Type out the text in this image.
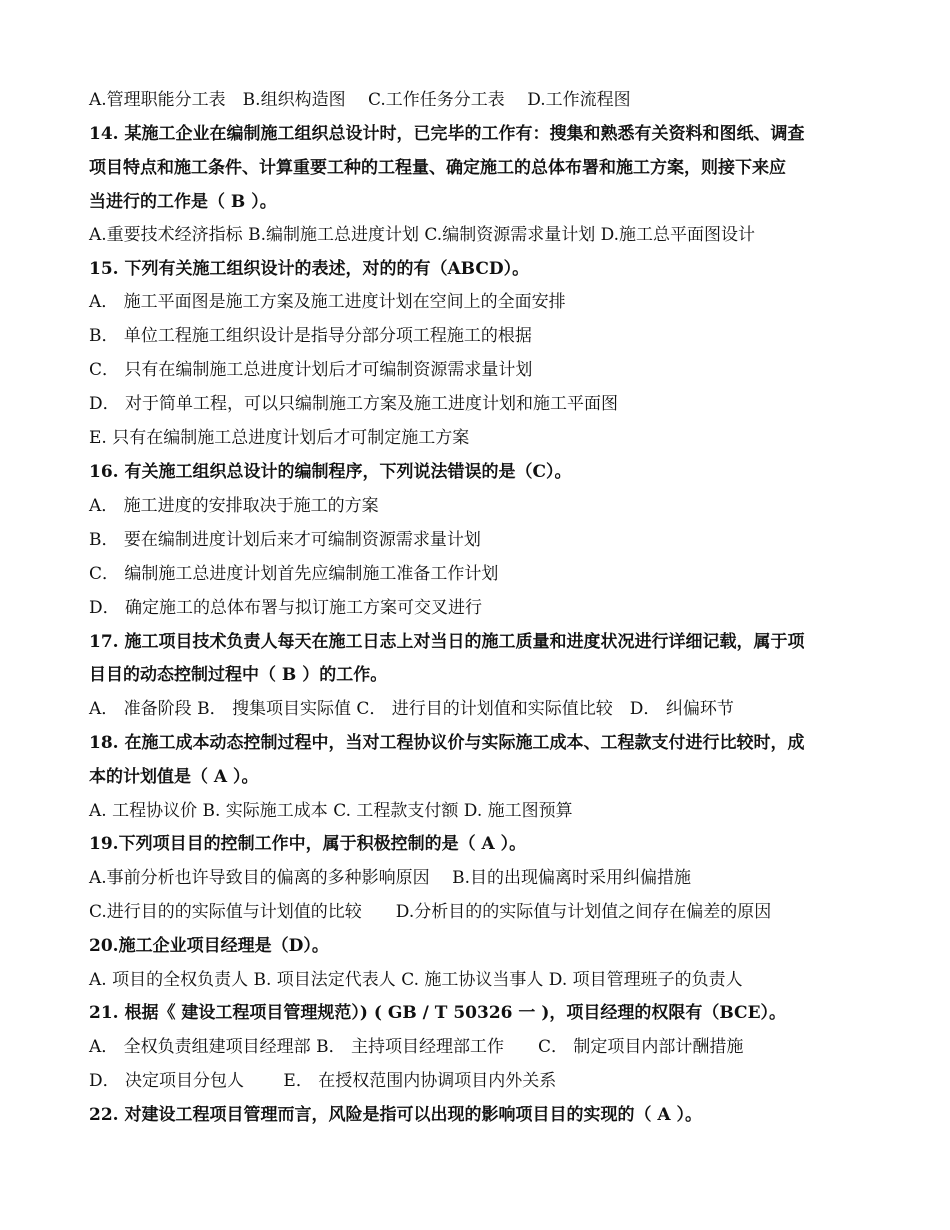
A.管理职能分工表　B.组织构造图　 C.工作任务分工表　 D.工作流程图
14. 某施工企业在编制施工组织总设计时，已完毕的工作有：搜集和熟悉有关资料和图纸、调查
项目特点和施工条件、计算重要工种的工程量、确定施工的总体布署和施工方案，则接下来应
当进行的工作是（ B ）。
A.重要技术经济指标 B.编制施工总进度计划 C.编制资源需求量计划 D.施工总平面图设计
15. 下列有关施工组织设计的表述，对的的有（ABCD）。
A． 施工平面图是施工方案及施工进度计划在空间上的全面安排
B． 单位工程施工组织设计是指导分部分项工程施工的根据
C． 只有在编制施工总进度计划后才可编制资源需求量计划
D． 对于简单工程，可以只编制施工方案及施工进度计划和施工平面图
E. 只有在编制施工总进度计划后才可制定施工方案
16. 有关施工组织总设计的编制程序，下列说法错误的是（C）。
A． 施工进度的安排取决于施工的方案
B． 要在编制进度计划后来才可编制资源需求量计划
C． 编制施工总进度计划首先应编制施工准备工作计划
D． 确定施工的总体布署与拟订施工方案可交叉进行
17. 施工项目技术负责人每天在施工日志上对当日的施工质量和进度状况进行详细记载，属于项
目目的动态控制过程中（ B ）的工作。
A． 准备阶段 B． 搜集项目实际值 C． 进行目的计划值和实际值比较　D． 纠偏环节
18. 在施工成本动态控制过程中，当对工程协议价与实际施工成本、工程款支付进行比较时，成
本的计划值是（ A ）。
A. 工程协议价 B. 实际施工成本 C. 工程款支付额 D. 施工图预算
19.下列项目目的控制工作中，属于积极控制的是（ A ）。
A.事前分析也许导致目的偏离的多种影响原因　 B.目的出现偏离时采用纠偏措施
C.进行目的的实际值与计划值的比较　　D.分析目的的实际值与计划值之间存在偏差的原因
20.施工企业项目经理是（D）。
A. 项目的全权负责人 B. 项目法定代表人 C. 施工协议当事人 D. 项目管理班子的负责人
21. 根据《 建设工程项目管理规范）) ( GB / T 50326 一 )，项目经理的权限有（BCE）。
A． 全权负责组建项目经理部 B． 主持项目经理部工作　　C． 制定项目内部计酬措施
D． 决定项目分包人　　 E． 在授权范围内协调项目内外关系
22. 对建设工程项目管理而言，风险是指可以出现的影响项目目的实现的（ A ）。
